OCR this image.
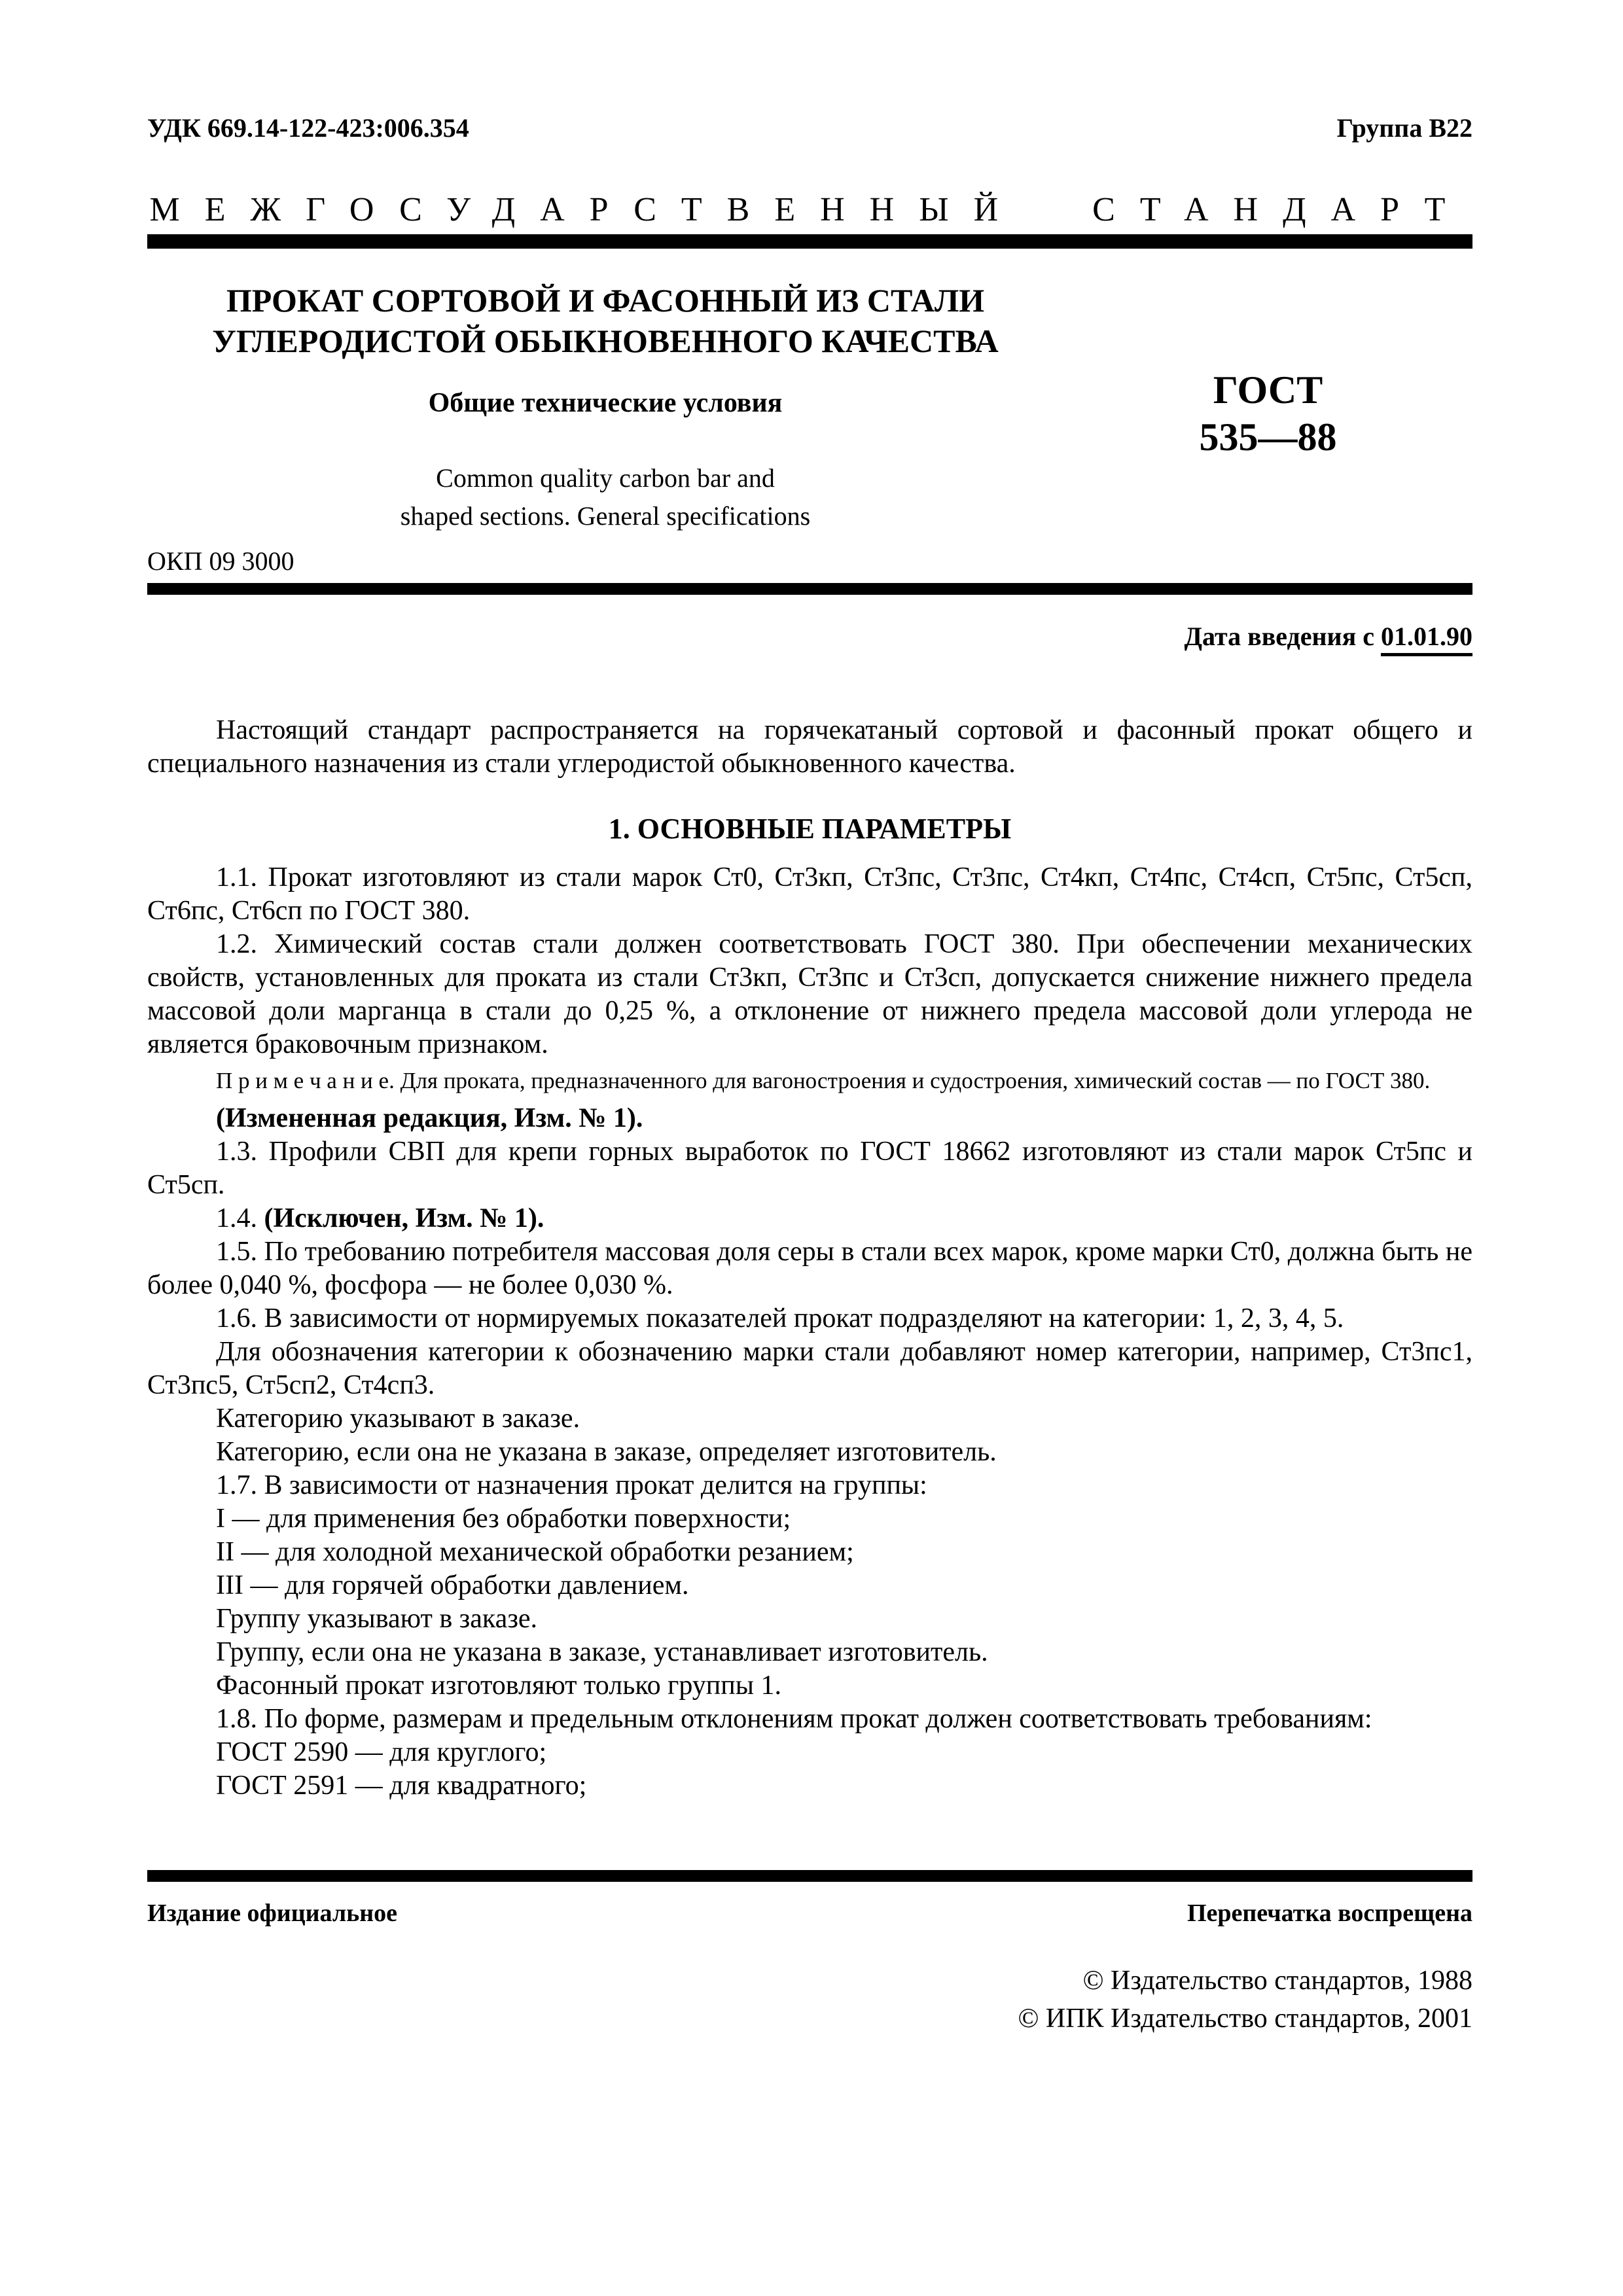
УДК 669.14-122-423:006.354	Группа В22
МЕЖГОСУДАРСТВЕННЫЙ СТАНДАРТ
ПРОКАТ СОРТОВОЙ И ФАСОННЫЙ ИЗ СТАЛИ
УГЛЕРОДИСТОЙ ОБЫКНОВЕННОГО КАЧЕСТВА
Общие технические условия
Common quality carbon bar and
shaped sections. General specifications
ГОСТ
535—88
ОКП 09 3000
Дата введения с 01.01.90

Настоящий стандарт распространяется на горячекатаный сортовой и фасонный прокат общего и специального назначения из стали углеродистой обыкновенного качества.

1. ОСНОВНЫЕ ПАРАМЕТРЫ

1.1. Прокат изготовляют из стали марок Ст0, Ст3кп, Ст3пс, Ст3пс, Ст4кп, Ст4пс, Ст4сп, Ст5пс, Ст5сп, Ст6пс, Ст6сп по ГОСТ 380.

1.2. Химический состав стали должен соответствовать ГОСТ 380. При обеспечении механических свойств, установленных для проката из стали Ст3кп, Ст3пс и Ст3сп, допускается снижение нижнего предела массовой доли марганца в стали до 0,25 %, а отклонение от нижнего предела массовой доли углерода не является браковочным признаком.

П р и м е ч а н и е. Для проката, предназначенного для вагоностроения и судостроения, химический состав — по ГОСТ 380.

(Измененная редакция, Изм. № 1).

1.3. Профили СВП для крепи горных выработок по ГОСТ 18662 изготовляют из стали марок Ст5пс и Ст5сп.

1.4. (Исключен, Изм. № 1).

1.5. По требованию потребителя массовая доля серы в стали всех марок, кроме марки Ст0, должна быть не более 0,040 %, фосфора — не более 0,030 %.

1.6. В зависимости от нормируемых показателей прокат подразделяют на категории: 1, 2, 3, 4, 5.

Для обозначения категории к обозначению марки стали добавляют номер категории, например, Ст3пс1, Ст3пс5, Ст5сп2, Ст4сп3.

Категорию указывают в заказе.

Категорию, если она не указана в заказе, определяет изготовитель.

1.7. В зависимости от назначения прокат делится на группы:

I — для применения без обработки поверхности;

II — для холодной механической обработки резанием;

III — для горячей обработки давлением.

Группу указывают в заказе.

Группу, если она не указана в заказе, устанавливает изготовитель.

Фасонный прокат изготовляют только группы 1.

1.8. По форме, размерам и предельным отклонениям прокат должен соответствовать требованиям:

ГОСТ 2590 — для круглого;

ГОСТ 2591 — для квадратного;

Издание официальное	Перепечатка воспрещена
© Издательство стандартов, 1988
© ИПК Издательство стандартов, 2001
